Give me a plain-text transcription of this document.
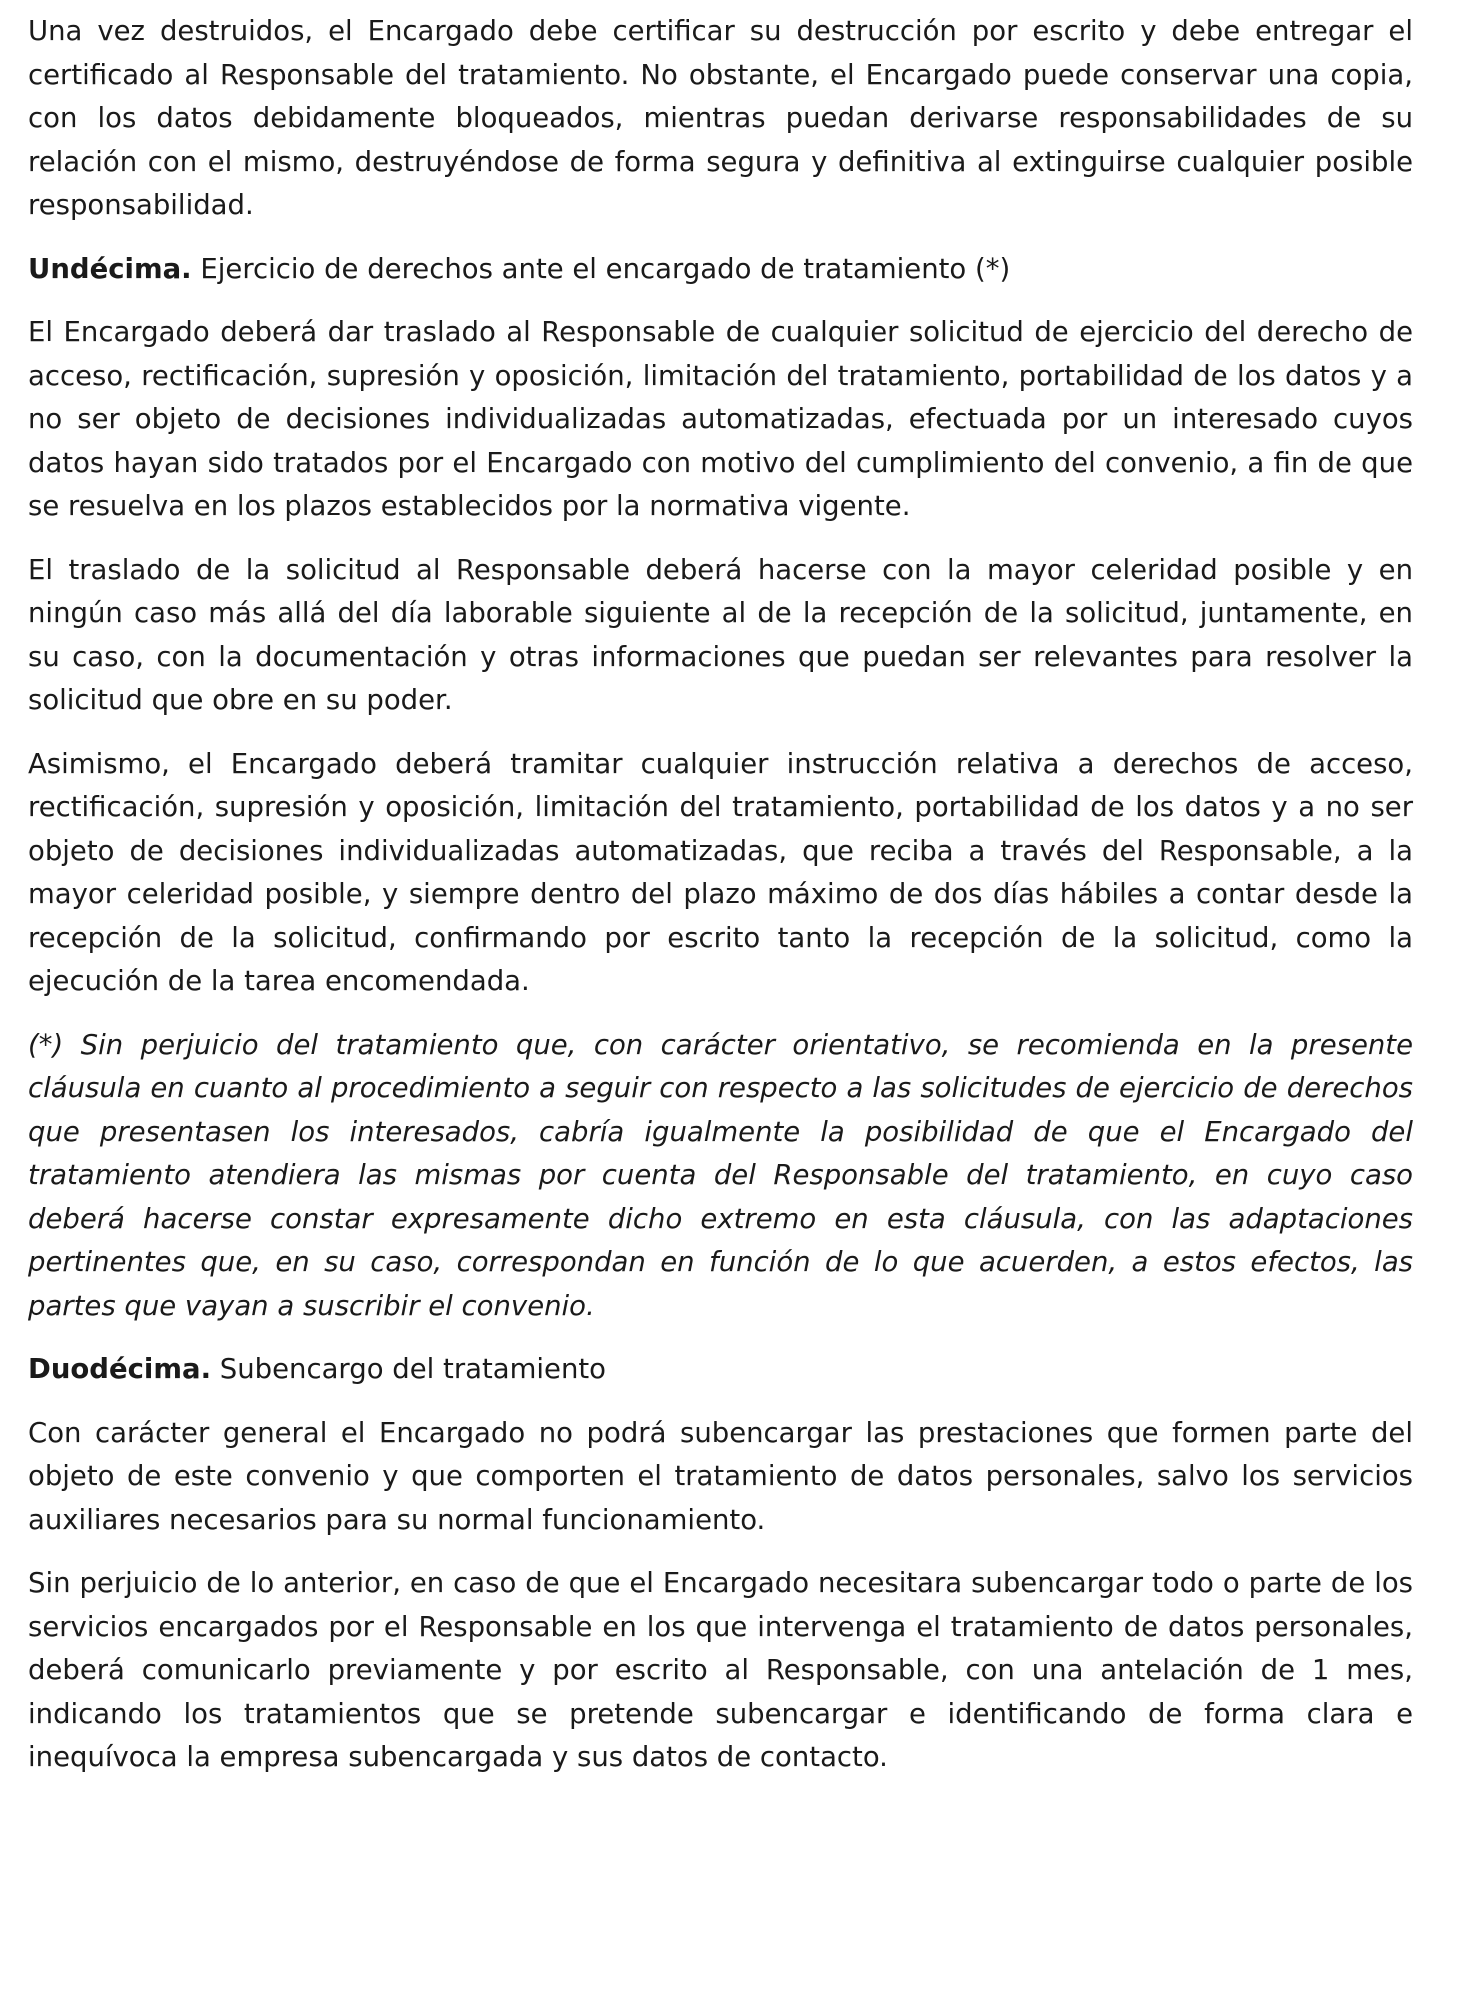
Una vez destruidos, el Encargado debe certificar su destrucción por escrito y debe entregar el certificado al Responsable del tratamiento. No obstante, el Encargado puede conservar una copia, con los datos debidamente bloqueados, mientras puedan derivarse responsabilidades de su relación con el mismo, destruyéndose de forma segura y definitiva al extinguirse cualquier posible responsabilidad.

Undécima. Ejercicio de derechos ante el encargado de tratamiento (*)

El Encargado deberá dar traslado al Responsable de cualquier solicitud de ejercicio del derecho de acceso, rectificación, supresión y oposición, limitación del tratamiento, portabilidad de los datos y a no ser objeto de decisiones individualizadas automatizadas, efectuada por un interesado cuyos datos hayan sido tratados por el Encargado con motivo del cumplimiento del convenio, a fin de que se resuelva en los plazos establecidos por la normativa vigente.

El traslado de la solicitud al Responsable deberá hacerse con la mayor celeridad posible y en ningún caso más allá del día laborable siguiente al de la recepción de la solicitud, juntamente, en su caso, con la documentación y otras informaciones que puedan ser relevantes para resolver la solicitud que obre en su poder.

Asimismo, el Encargado deberá tramitar cualquier instrucción relativa a derechos de acceso, rectificación, supresión y oposición, limitación del tratamiento, portabilidad de los datos y a no ser objeto de decisiones individualizadas automatizadas, que reciba a través del Responsable, a la mayor celeridad posible, y siempre dentro del plazo máximo de dos días hábiles a contar desde la recepción de la solicitud, confirmando por escrito tanto la recepción de la solicitud, como la ejecución de la tarea encomendada.

(*) Sin perjuicio del tratamiento que, con carácter orientativo, se recomienda en la presente cláusula en cuanto al procedimiento a seguir con respecto a las solicitudes de ejercicio de derechos que presentasen los interesados, cabría igualmente la posibilidad de que el Encargado del tratamiento atendiera las mismas por cuenta del Responsable del tratamiento, en cuyo caso deberá hacerse constar expresamente dicho extremo en esta cláusula, con las adaptaciones pertinentes que, en su caso, correspondan en función de lo que acuerden, a estos efectos, las partes que vayan a suscribir el convenio.

Duodécima. Subencargo del tratamiento

Con carácter general el Encargado no podrá subencargar las prestaciones que formen parte del objeto de este convenio y que comporten el tratamiento de datos personales, salvo los servicios auxiliares necesarios para su normal funcionamiento.

Sin perjuicio de lo anterior, en caso de que el Encargado necesitara subencargar todo o parte de los servicios encargados por el Responsable en los que intervenga el tratamiento de datos personales, deberá comunicarlo previamente y por escrito al Responsable, con una antelación de 1 mes, indicando los tratamientos que se pretende subencargar e identificando de forma clara e inequívoca la empresa subencargada y sus datos de contacto.
